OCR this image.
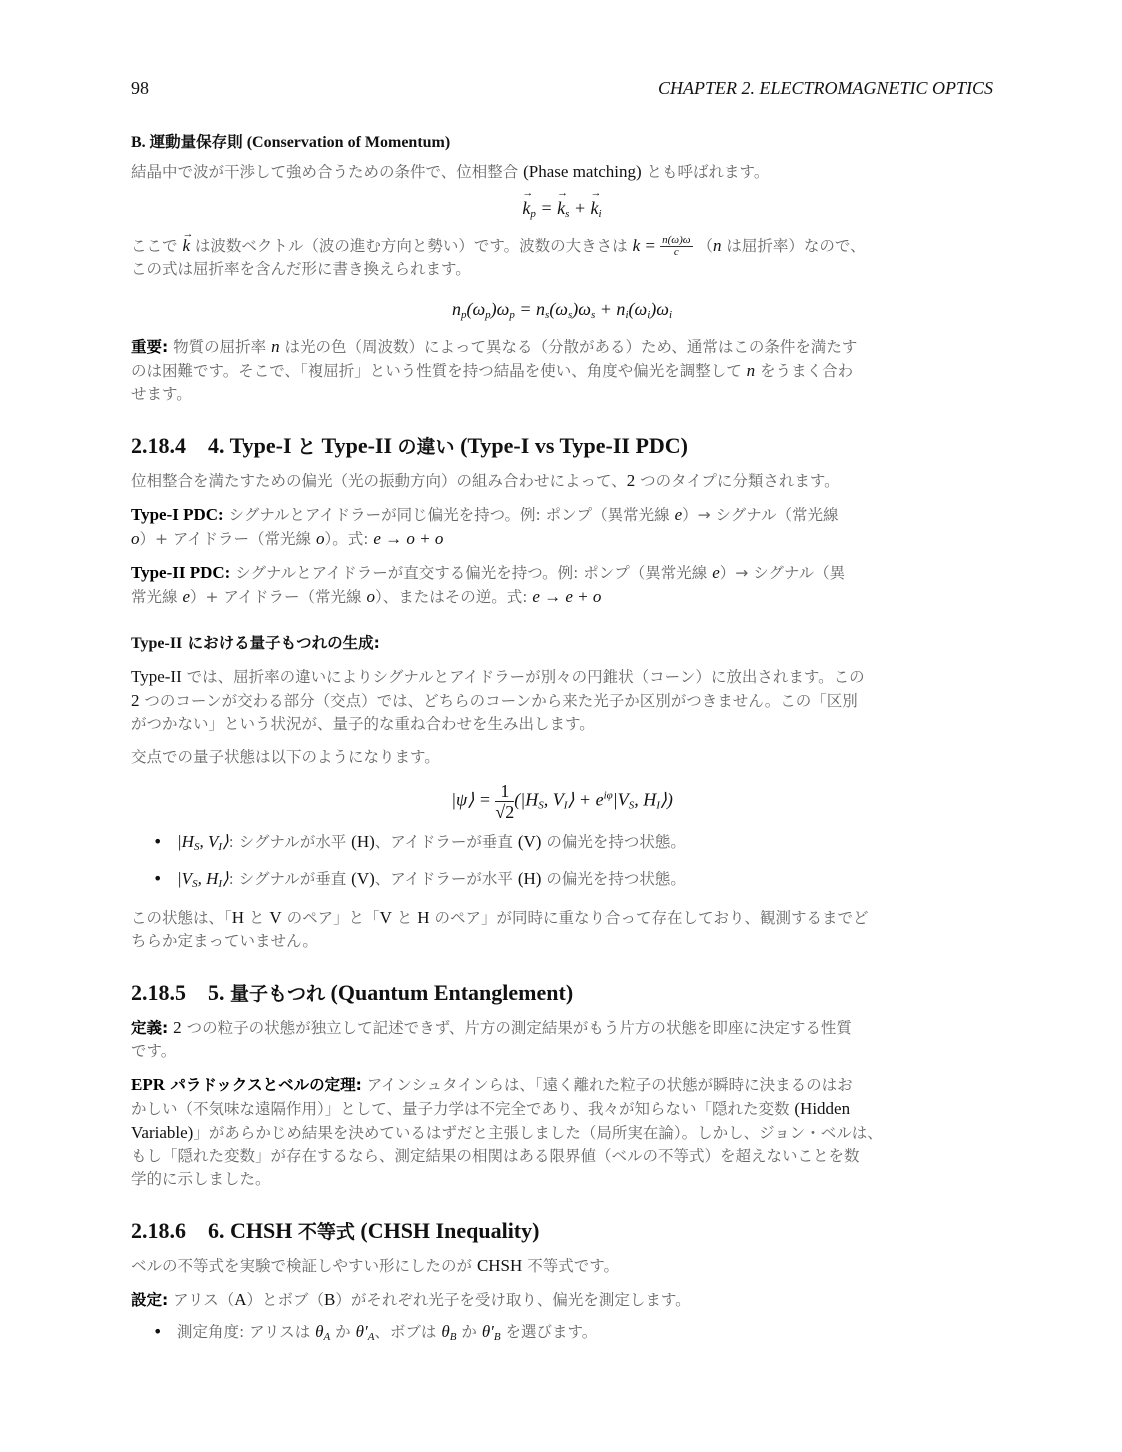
98	CHAPTER 2. ELECTROMAGNETIC OPTICS
B. 運動量保存則 (Conservation of Momentum)

結晶中で波が干渉して強め合うための条件で、位相整合 (Phase matching) とも呼ばれます。

→ $k_p$ = → $k_s$ + → $k_i$

ここで → k は波数ベクトル（波の進む方向と勢い）です。波数の大きさは $k = \frac{n(\omega)\omega}{c} (n$ は屈折率）なので、
この式は屈折率を含んだ形に書き換えられます。

$n_p(\omega_p)\omega_p = n_s(\omega_s)\omega_s + n_i(\omega_i)\omega_i$

重要: 物質の屈折率 n は光の色（周波数）によって異なる（分散がある）ため、通常はこの条件を満たす
のは困難です。そこで、「複屈折」という性質を持つ結晶を使い、角度や偏光を調整して n をうまく合わ
せます。

2.18.4 4. Type-I と Type-II の違い (Type-I vs Type-II PDC)

位相整合を満たすための偏光（光の振動方向）の組み合わせによって、2 つのタイプに分類されます。

Type-I PDC: シグナルとアイドラーが同じ偏光を持つ。例: ポンプ（異常光線 e）→ シグナル（常光線
o）+ アイドラー（常光線 o）。式: e → o + o

Type-II PDC: シグナルとアイドラーが直交する偏光を持つ。例: ポンプ（異常光線 e）→ シグナル（異
常光線 e）+ アイドラー（常光線 o）、またはその逆。式: e → e + o

Type-II における量子もつれの生成:

Type-II では、屈折率の違いによりシグナルとアイドラーが別々の円錐状（コーン）に放出されます。この
2 つのコーンが交わる部分（交点）では、どちらのコーンから来た光子か区別がつきません。この「区別
がつかない」という状況が、量子的な重ね合わせを生み出します。

交点での量子状態は以下のようになります。

|ψ⟩ = $\frac{1}{√2} (|H_S$, $V_I⟩ + e^{i\varphi}|V_S$, $H_I⟩$)
• $|H_S$, $V_I⟩$: シグナルが水平 (H)、アイドラーが垂直 (V) の偏光を持つ状態。
• $|V_S$, $H_I⟩$: シグナルが垂直 (V)、アイドラーが水平 (H) の偏光を持つ状態。

この状態は、「H と V のペア」と「V と H のペア」が同時に重なり合って存在しており、観測するまでど
ちらか定まっていません。

2.18.5 5. 量子もつれ (Quantum Entanglement)

定義: 2 つの粒子の状態が独立して記述できず、片方の測定結果がもう片方の状態を即座に決定する性質
です。

EPR パラドックスとベルの定理: アインシュタインらは、「遠く離れた粒子の状態が瞬時に決まるのはお
かしい（不気味な遠隔作用）」として、量子力学は不完全であり、我々が知らない「隠れた変数 (Hidden
Variable)」があらかじめ結果を決めているはずだと主張しました（局所実在論）。しかし、ジョン・ベルは、
もし「隠れた変数」が存在するなら、測定結果の相関はある限界値（ベルの不等式）を超えないことを数
学的に示しました。

2.18.6 6. CHSH 不等式 (CHSH Inequality)

ベルの不等式を実験で検証しやすい形にしたのが CHSH 不等式です。

設定: アリス（A）とボブ（B）がそれぞれ光子を受け取り、偏光を測定します。

• 測定角度: アリスは $\theta_A$ か $\theta'_A$、ボブは $\theta_B$ か $\theta'_B$ を選びます。
